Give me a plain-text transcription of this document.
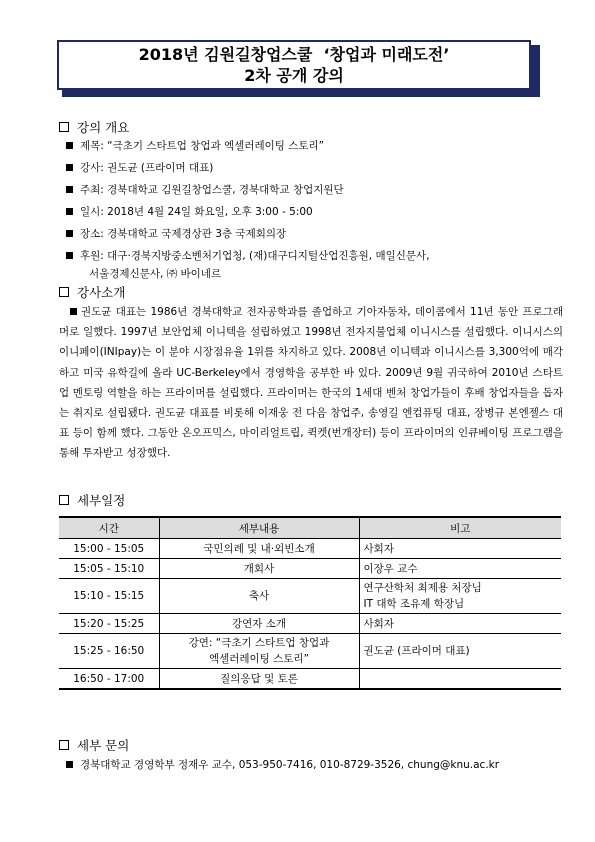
2018년 김원길창업스쿨  ‘창업과 미래도전’
2차 공개 강의
강의 개요
제목: “극초기 스타트업 창업과 엑셀러레이팅 스토리”
강사: 권도균 (프라이머 대표)
주최: 경북대학교 김원길창업스쿨, 경북대학교 창업지원단
일시: 2018년 4월 24일 화요일, 오후 3:00 - 5:00
장소: 경북대학교 국제경상관 3층 국제회의장
후원: 대구·경북지방중소벤처기업청, (재)대구디지털산업진흥원, 매일신문사,
서울경제신문사, ㈜ 바이네르
강사소개
권도균 대표는 1986년 경북대학교 전자공학과를 졸업하고 기아자동차, 데이콤에서 11년 동안 프로그래머로 일했다. 1997년 보안업체 이니텍을 설립하였고 1998년 전자지불업체 이니시스를 설립했다. 이니시스의 이니페이(INIpay)는 이 분야 시장점유율 1위를 차지하고 있다. 2008년 이니텍과 이니시스를 3,300억에 매각하고 미국 유학길에 올라 UC-Berkeley에서 경영학을 공부한 바 있다. 2009년 9월 귀국하여 2010년 스타트업 멘토링 역할을 하는 프라이머를 설립했다. 프라이머는 한국의 1세대 벤처 창업가들이 후배 창업자들을 돕자는 취지로 설립됐다. 권도균 대표를 비롯해 이재웅 전 다음 창업주, 송영길 엔컴퓨팅 대표, 장병규 본엔젤스 대표 등이 함께 했다. 그동안 온오프믹스, 마이리얼트립, 퀵켓(번개장터) 등이 프라이머의 인큐베이팅 프로그램을 통해 투자받고 성장했다.
세부일정
시간	세부내용	비고
15:00 - 15:05	국민의례 및 내·외빈소개	사회자
15:05 - 15:10	개회사	이장우 교수
15:10 - 15:15	축사	연구산학처 최제용 처장님
IT 대학 조유제 학장님

15:20 - 15:25	강연자 소개	사회자
15:25 - 16:50	강연: “극초기 스타트업 창업과
엑셀러레이팅 스토리”	권도균 (프라이머 대표)
16:50 - 17:00	질의응답 및 토론	
세부 문의
경북대학교 경영학부 정재우 교수, 053-950-7416, 010-8729-3526, chung@knu.ac.kr
